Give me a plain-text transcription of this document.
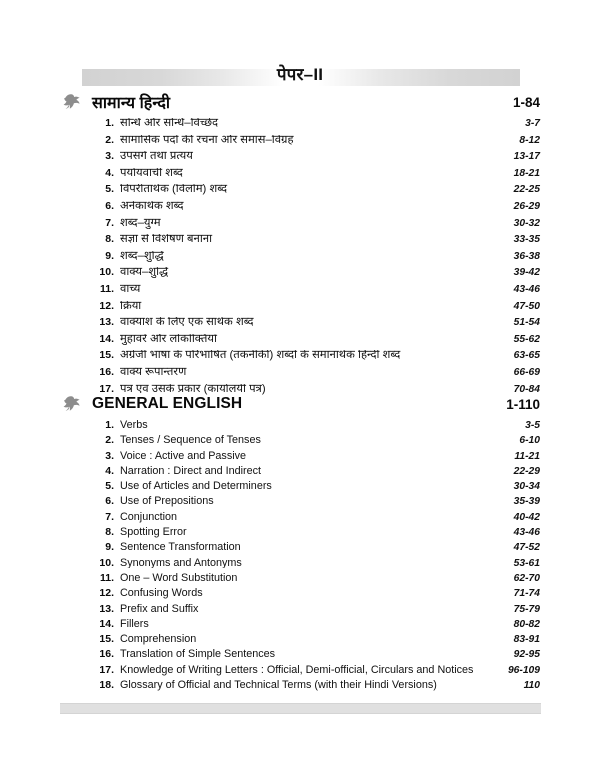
पेपर–II
सामान्य हिन्दी	1-84
1. सन्धि और सन्धि–विच्छेद	3-7
2. सामासिक पदों की रचना और समास–विग्रह	8-12
3. उपसर्ग तथा प्रत्यय	13-17
4. पर्यायवाची शब्द	18-21
5. विपरीतार्थक (विलोम) शब्द	22-25
6. अनेकार्थक शब्द	26-29
7. शब्द–युग्म	30-32
8. संज्ञा से विशेषण बनाना	33-35
9. शब्द–शुद्धि	36-38
10. वाक्य–शुद्धि	39-42
11. वाच्य	43-46
12. क्रिया	47-50
13. वाक्यांश के लिए एक सार्थक शब्द	51-54
14. मुहावरे और लोकोक्तियाँ	55-62
15. अंग्रेजी भाषा के परिभाषित (तकनीकी) शब्दों के समानार्थक हिन्दी शब्द	63-65
16. वाक्य रूपान्तरण	66-69
17. पत्र एवं उसके प्रकार (कार्यालयी पत्र)	70-84
GENERAL ENGLISH	1-110
1. Verbs	3-5
2. Tenses / Sequence of Tenses	6-10
3. Voice : Active and Passive	11-21
4. Narration : Direct and Indirect	22-29
5. Use of Articles and Determiners	30-34
6. Use of Prepositions	35-39
7. Conjunction	40-42
8. Spotting Error	43-46
9. Sentence Transformation	47-52
10. Synonyms and Antonyms	53-61
11. One – Word Substitution	62-70
12. Confusing Words	71-74
13. Prefix and Suffix	75-79
14. Fillers	80-82
15. Comprehension	83-91
16. Translation of Simple Sentences	92-95
17. Knowledge of Writing Letters : Official, Demi-official, Circulars and Notices	96-109
18. Glossary of Official and Technical Terms (with their Hindi Versions)	110
